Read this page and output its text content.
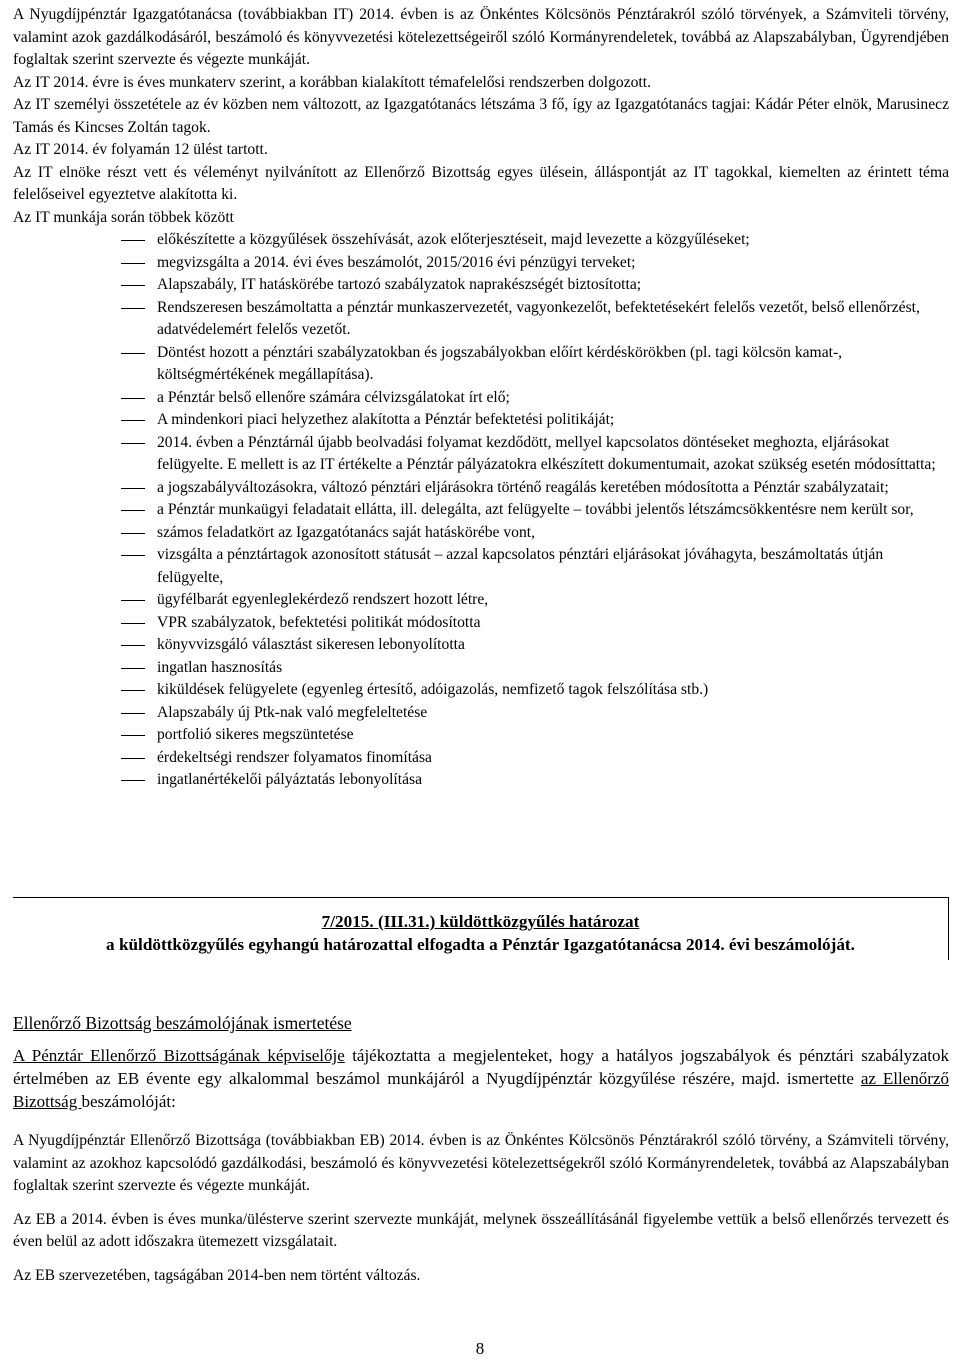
A Nyugdíjpénztár Igazgatótanácsa (továbbiakban IT) 2014. évben is az Önkéntes Kölcsönös Pénztárakról szóló törvények, a Számviteli törvény, valamint azok gazdálkodásáról, beszámoló és könyvvezetési kötelezettségeiről szóló Kormányrendeletek, továbbá az Alapszabályban, Ügyrendjében foglaltak szerint szervezte és végezte munkáját.

Az IT 2014. évre is éves munkaterv szerint, a korábban kialakított témafelelősi rendszerben dolgozott.

Az IT személyi összetétele az év közben nem változott, az Igazgatótanács létszáma 3 fő, így az Igazgatótanács tagjai: Kádár Péter elnök, Marusinecz Tamás és Kincses Zoltán tagok.

Az IT 2014. év folyamán 12 ülést tartott.

Az IT elnöke részt vett és véleményt nyilvánított az Ellenőrző Bizottság egyes ülésein, álláspontját az IT tagokkal, kiemelten az érintett téma felelőseivel egyeztetve alakította ki.

Az IT munkája során többek között

előkészítette a közgyűlések összehívását, azok előterjesztéseit, majd levezette a közgyűléseket;
megvizsgálta a 2014. évi éves beszámolót, 2015/2016 évi pénzügyi terveket;
Alapszabály, IT hatáskörébe tartozó szabályzatok naprakészségét biztosította;
Rendszeresen beszámoltatta a pénztár munkaszervezetét, vagyonkezelőt, befektetésekért felelős vezetőt, belső ellenőrzést, adatvédelemért felelős vezetőt.
Döntést hozott a pénztári szabályzatokban és jogszabályokban előírt kérdéskörökben (pl. tagi kölcsön kamat-, költségmértékének megállapítása).
a Pénztár belső ellenőre számára célvizsgálatokat írt elő;
A mindenkori piaci helyzethez alakította a Pénztár befektetési politikáját;
2014. évben a Pénztárnál újabb beolvadási folyamat kezdődött, mellyel kapcsolatos döntéseket meghozta, eljárásokat felügyelte. E mellett is az IT értékelte a Pénztár pályázatokra elkészített dokumentumait, azokat szükség esetén módosíttatta;
a jogszabályváltozásokra, változó pénztári eljárásokra történő reagálás keretében módosította a Pénztár szabályzatait;
a Pénztár munkaügyi feladatait ellátta, ill. delegálta, azt felügyelte – további jelentős létszámcsökkentésre nem került sor,
számos feladatkört az Igazgatótanács saját hatáskörébe vont,
vizsgálta a pénztártagok azonosított státusát – azzal kapcsolatos pénztári eljárásokat jóváhagyta, beszámoltatás útján felügyelte,
ügyfélbarát egyenleglekérdező rendszert hozott létre,
VPR szabályzatok, befektetési politikát módosította
könyvvizsgáló választást sikeresen lebonyolította
ingatlan hasznosítás
kiküldések felügyelete (egyenleg értesítő, adóigazolás, nemfizető tagok felszólítása stb.)
Alapszabály új Ptk-nak való megfeleltetése
portfolió sikeres megszüntetése
érdekeltségi rendszer folyamatos finomítása
ingatlanértékelői pályáztatás lebonyolítása
7/2015. (III.31.) küldöttközgyűlés határozat
a küldöttközgyűlés egyhangú határozattal elfogadta a Pénztár Igazgatótanácsa 2014. évi beszámolóját.
Ellenőrző Bizottság beszámolójának ismertetése

A Pénztár Ellenőrző Bizottságának képviselője tájékoztatta a megjelenteket, hogy a hatályos jogszabályok és pénztári szabályzatok értelmében az EB évente egy alkalommal beszámol munkájáról a Nyugdíjpénztár közgyűlése részére, majd. ismertette az Ellenőrző Bizottság beszámolóját:

A Nyugdíjpénztár Ellenőrző Bizottsága (továbbiakban EB) 2014. évben is az Önkéntes Kölcsönös Pénztárakról szóló törvény, a Számviteli törvény, valamint az azokhoz kapcsolódó gazdálkodási, beszámoló és könyvvezetési kötelezettségekről szóló Kormányrendeletek, továbbá az Alapszabályban foglaltak szerint szervezte és végezte munkáját.

Az EB a 2014. évben is éves munka/ülésterve szerint szervezte munkáját, melynek összeállításánál figyelembe vettük a belső ellenőrzés tervezett és éven belül az adott időszakra ütemezett vizsgálatait.

Az EB szervezetében, tagságában 2014-ben nem történt változás.

8
